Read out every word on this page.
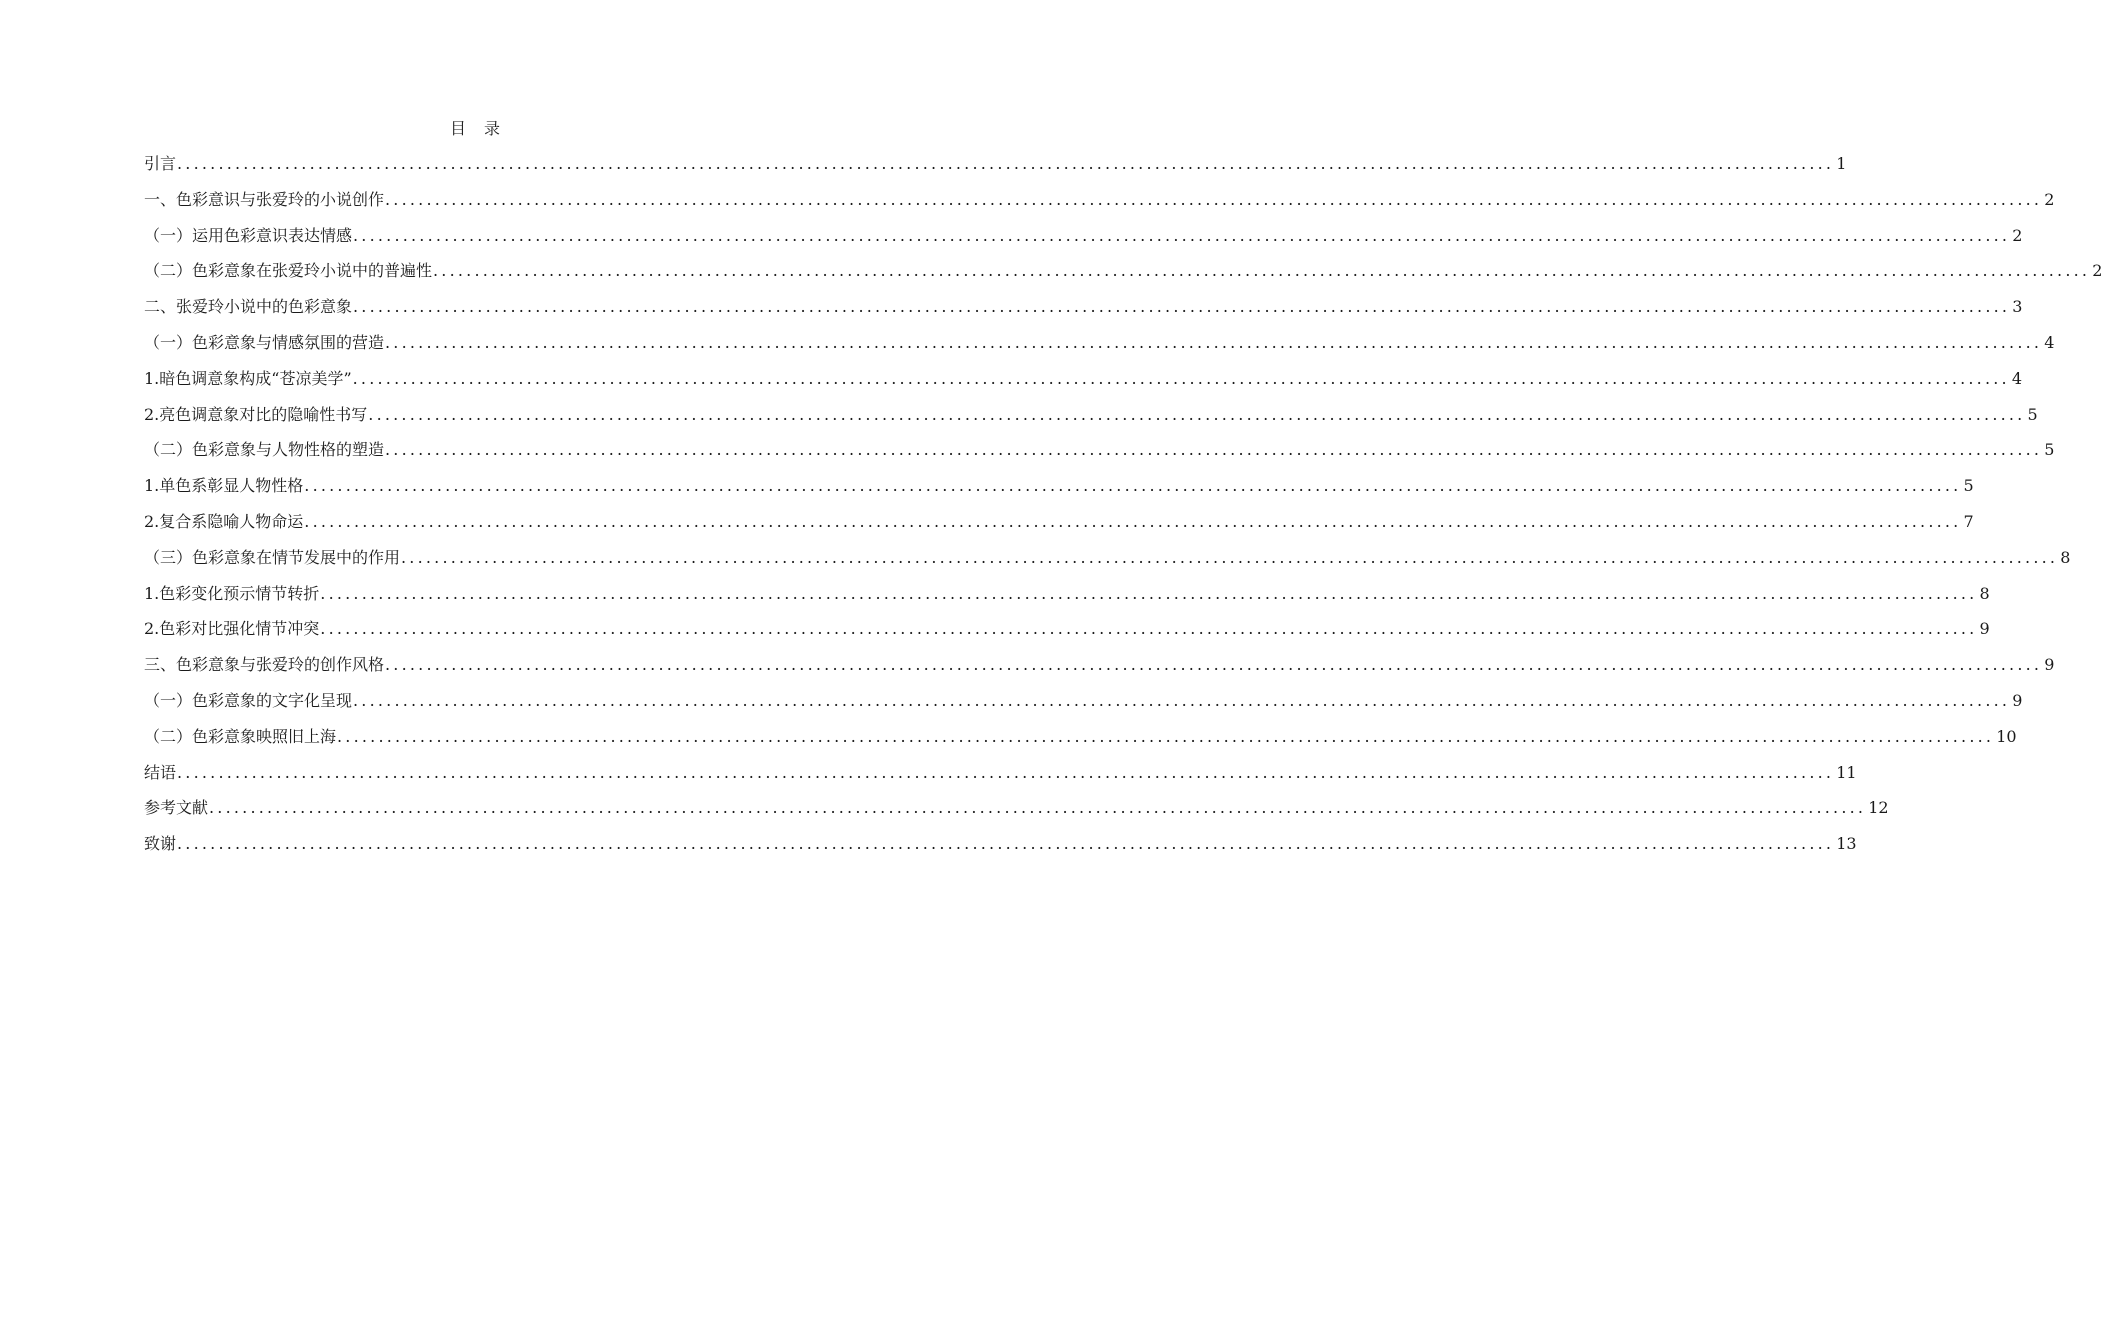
目 录
引言 ........................................................................................................................................................................................................ 1
一、色彩意识与张爱玲的小说创作 ........................................................................................................................................................................................................ 2
（一）运用色彩意识表达情感 ........................................................................................................................................................................................................ 2
（二）色彩意象在张爱玲小说中的普遍性 ........................................................................................................................................................................................................ 2
二、张爱玲小说中的色彩意象 ........................................................................................................................................................................................................ 3
（一）色彩意象与情感氛围的营造 ........................................................................................................................................................................................................ 4
1.暗色调意象构成“苍凉美学” ........................................................................................................................................................................................................ 4
2.亮色调意象对比的隐喻性书写 ........................................................................................................................................................................................................ 5
（二）色彩意象与人物性格的塑造 ........................................................................................................................................................................................................ 5
1.单色系彰显人物性格 ........................................................................................................................................................................................................ 5
2.复合系隐喻人物命运 ........................................................................................................................................................................................................ 7
（三）色彩意象在情节发展中的作用 ........................................................................................................................................................................................................ 8
1.色彩变化预示情节转折 ........................................................................................................................................................................................................ 8
2.色彩对比强化情节冲突 ........................................................................................................................................................................................................ 9
三、色彩意象与张爱玲的创作风格 ........................................................................................................................................................................................................ 9
（一）色彩意象的文字化呈现 ........................................................................................................................................................................................................ 9
（二）色彩意象映照旧上海 ........................................................................................................................................................................................................ 10
结语 ........................................................................................................................................................................................................ 11
参考文献 ........................................................................................................................................................................................................ 12
致谢 ........................................................................................................................................................................................................ 13
